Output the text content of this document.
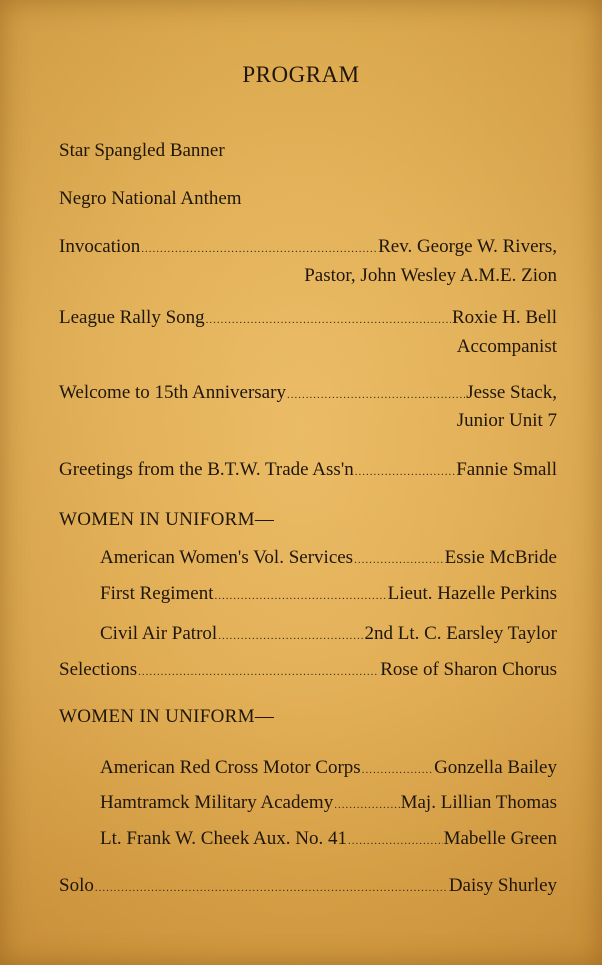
PROGRAM
Star Spangled Banner
Negro National Anthem
Invocation .....	Rev. George W. Rivers,
Pastor, John Wesley A.M.E. Zion
League Rally Song .....	Roxie H. Bell
Accompanist
Welcome to 15th Anniversary .....	Jesse Stack,
Junior Unit 7
Greetings from the B.T.W. Trade Ass'n .....	Fannie Small
WOMEN IN UNIFORM—
American Women's Vol. Services .....	Essie McBride
First Regiment .....	Lieut. Hazelle Perkins
Civil Air Patrol .....	2nd Lt. C. Earsley Taylor
Selections .....	Rose of Sharon Chorus
WOMEN IN UNIFORM—
American Red Cross Motor Corps .....	Gonzella Bailey
Hamtramck Military Academy .....	Maj. Lillian Thomas
Lt. Frank W. Cheek Aux. No. 41 .....	Mabelle Green
Solo .....	Daisy Shurley
